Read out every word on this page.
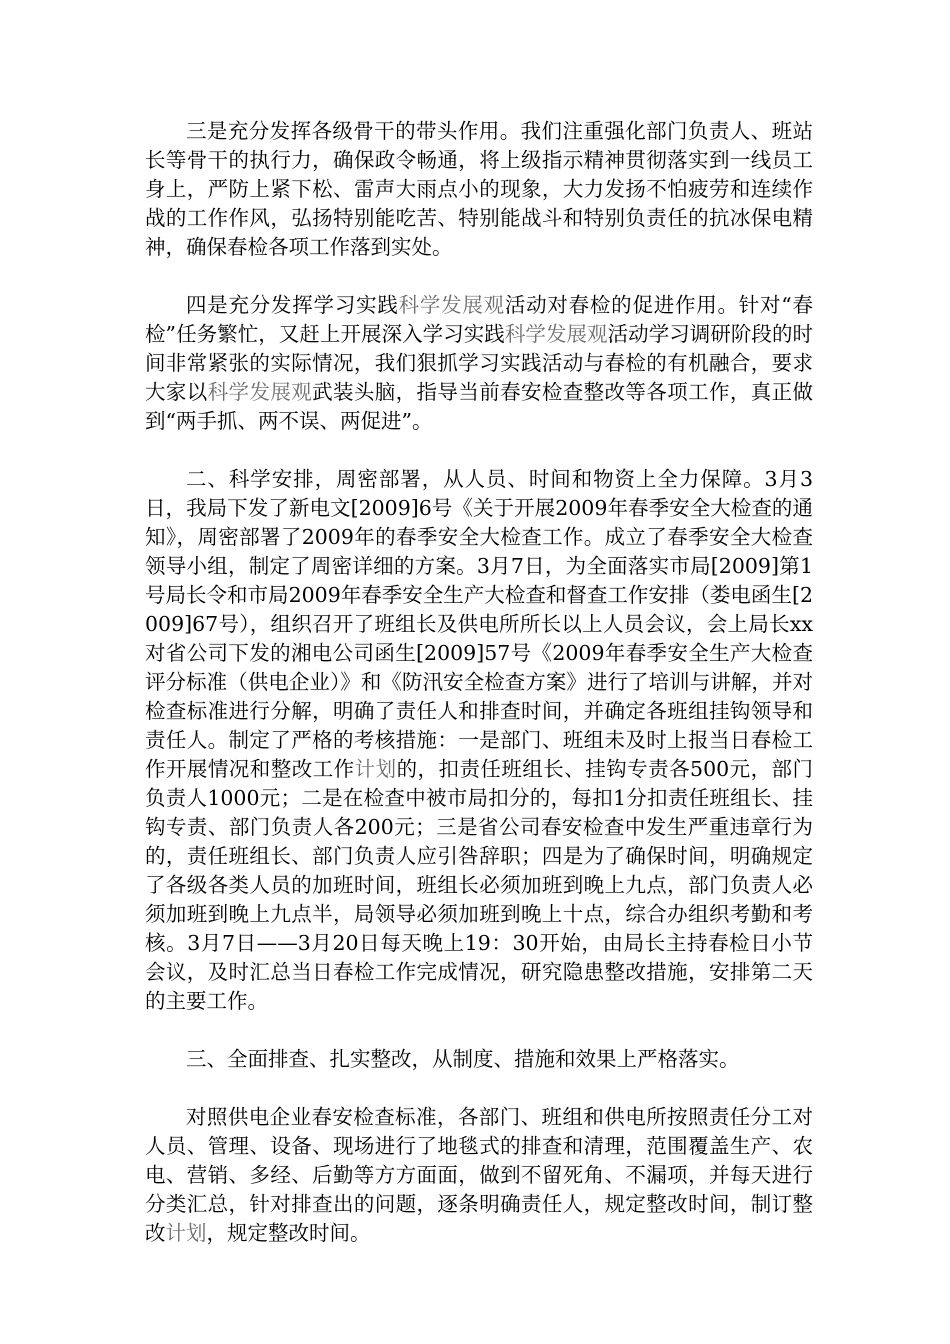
三是充分发挥各级骨干的带头作用。我们注重强化部门负责人、班站长等骨干的执行力，确保政令畅通，将上级指示精神贯彻落实到一线员工身上，严防上紧下松、雷声大雨点小的现象，大力发扬不怕疲劳和连续作战的工作作风，弘扬特别能吃苦、特别能战斗和特别负责任的抗冰保电精神，确保春检各项工作落到实处。

四是充分发挥学习实践科学发展观活动对春检的促进作用。针对“春检”任务繁忙，又赶上开展深入学习实践科学发展观活动学习调研阶段的时间非常紧张的实际情况，我们狠抓学习实践活动与春检的有机融合，要求大家以科学发展观武装头脑，指导当前春安检查整改等各项工作，真正做到“两手抓、两不误、两促进”。

二、科学安排，周密部署，从人员、时间和物资上全力保障。3月3日，我局下发了新电文[2009]6号《关于开展2009年春季安全大检查的通知》，周密部署了2009年的春季安全大检查工作。成立了春季安全大检查领导小组，制定了周密详细的方案。3月7日，为全面落实市局[2009]第1号局长令和市局2009年春季安全生产大检查和督查工作安排（娄电函生[2009]67号），组织召开了班组长及供电所所长以上人员会议，会上局长xx对省公司下发的湘电公司函生[2009]57号《2009年春季安全生产大检查评分标准（供电企业）》和《防汛安全检查方案》进行了培训与讲解，并对检查标准进行分解，明确了责任人和排查时间，并确定各班组挂钩领导和责任人。制定了严格的考核措施：一是部门、班组未及时上报当日春检工作开展情况和整改工作计划的，扣责任班组长、挂钩专责各500元，部门负责人1000元；二是在检查中被市局扣分的，每扣1分扣责任班组长、挂钩专责、部门负责人各200元；三是省公司春安检查中发生严重违章行为的，责任班组长、部门负责人应引咎辞职；四是为了确保时间，明确规定了各级各类人员的加班时间，班组长必须加班到晚上九点，部门负责人必须加班到晚上九点半，局领导必须加班到晚上十点，综合办组织考勤和考核。3月7日——3月20日每天晚上19：30开始，由局长主持春检日小节会议，及时汇总当日春检工作完成情况，研究隐患整改措施，安排第二天的主要工作。

三、全面排查、扎实整改，从制度、措施和效果上严格落实。

对照供电企业春安检查标准，各部门、班组和供电所按照责任分工对人员、管理、设备、现场进行了地毯式的排查和清理，范围覆盖生产、农电、营销、多经、后勤等方方面面，做到不留死角、不漏项，并每天进行分类汇总，针对排查出的问题，逐条明确责任人，规定整改时间，制订整改计划，规定整改时间。
